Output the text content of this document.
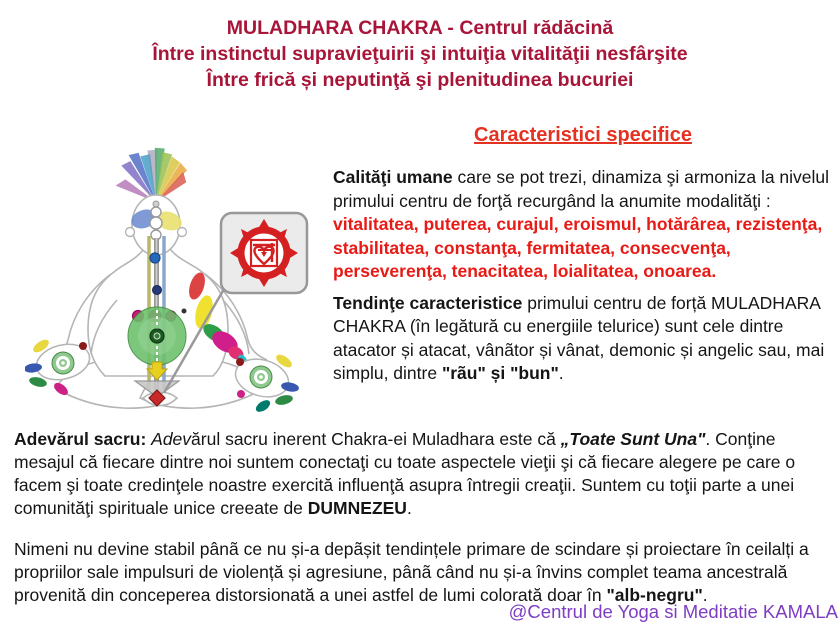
MULADHARA CHAKRA - Centrul rădăcină
Între instinctul supravieţuirii şi intuiţia vitalităţii nesfârşite
Între frică și neputinţă şi plenitudinea bucuriei
Caracteristici specifice

Calităţi umane care se pot trezi, dinamiza şi armoniza la nivelul primului centru de forţă recurgând la anumite modalităţi : vitalitatea, puterea, curajul, eroismul, hotărârea, rezistenţa, stabilitatea, constanţa, fermitatea, consecvenţa, perseverenţa, tenacitatea, loialitatea, onoarea.

Tendinţe caracteristice primului centru de forță MULADHARA CHAKRA (în legătură cu energiile telurice) sunt cele dintre atacator și atacat, vânãtor și vânat, demonic și angelic sau, mai simplu, dintre "rãu" și "bun".

Adevărul sacru: Adevărul sacru inerent Chakra-ei Muladhara este că „Toate Sunt Una". Conţine mesajul că fiecare dintre noi suntem conectaţi cu toate aspectele vieţii şi că fiecare alegere pe care o facem şi toate credinţele noastre exercită influenţă asupra întregii creaţii. Suntem cu toţii parte a unei comunităţi spirituale unice creeate de DUMNEZEU.

Nimeni nu devine stabil pânã ce nu și-a depãșit tendințele primare de scindare și proiectare în ceilalți a propriilor sale impulsuri de violență și agresiune, pânã când nu și-a învins complet teama ancestrală provenită din conceperea distorsionată a unei astfel de lumi colorată doar în "alb-negru".

@Centrul de Yoga si Meditatie KAMALA
